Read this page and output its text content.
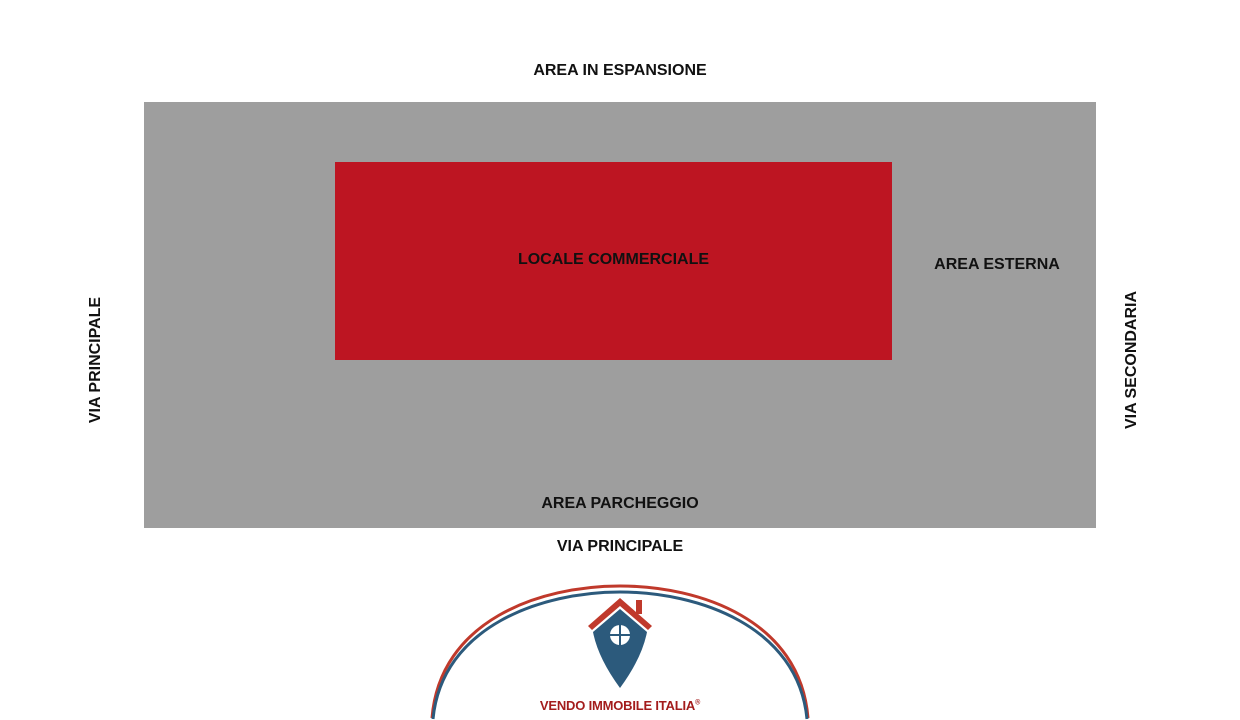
AREA IN ESPANSIONE
LOCALE COMMERCIALE	AREA ESTERNA
AREA PARCHEGGIO
VIA PRINCIPALE
VIA PRINCIPALE	VIA SECONDARIA
VENDO IMMOBILE ITALIA®
